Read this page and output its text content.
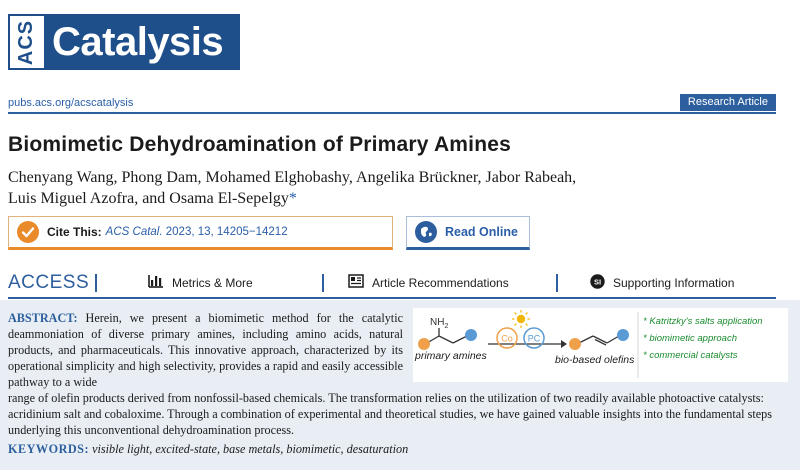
ACS Catalysis
pubs.acs.org/acscatalysis	Research Article
Biomimetic Dehydroamination of Primary Amines
Chenyang Wang, Phong Dam, Mohamed Elghobashy, Angelika Brückner, Jabor Rabeah,
Luis Miguel Azofra, and Osama El-Sepelgy*
Cite This: ACS Catal. 2023, 13, 14205−14212	Read Online
ACCESS	Metrics & More	Article Recommendations	SI Supporting Information
ABSTRACT: Herein, we present a biomimetic method for the catalytic deammoniation of diverse primary amines, including amino acids, natural products, and pharmaceuticals. This innovative approach, characterized by its operational simplicity and high selectivity, provides a rapid and easily accessible pathway to a wide
range of olefin products derived from nonfossil-based chemicals. The transformation relies on the utilization of two readily available photoactive catalysts: acridinium salt and cobaloxime. Through a combination of experimental and theoretical studies, we have gained valuable insights into the fundamental steps underlying this unconventional dehydroamination process.
$NH_2$
Co PC
primary amines	bio-based olefins
* Katritzky's salts application
* biomimetic approach
* commercial catalysts
KEYWORDS: visible light, excited-state, base metals, biomimetic, desaturation
